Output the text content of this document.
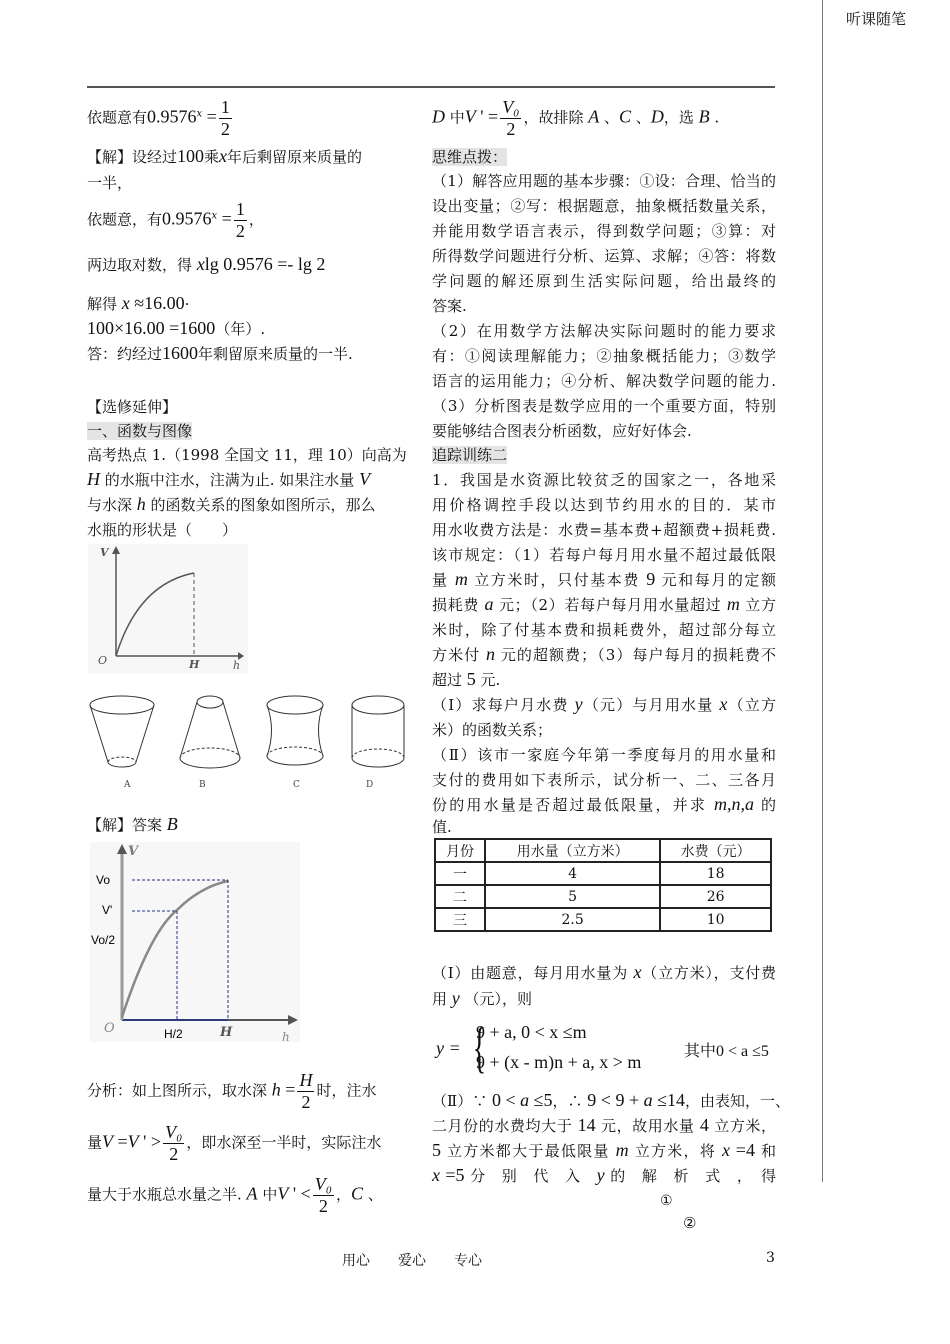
听课随笔
依题意有$0.9576^x = \frac{1}{2}$
【解】设经过100乘x年后剩留原来质量的
一半，
依题意，有$0.9576^x = \frac{1}{2}$ ，
两边取对数，得 xlg 0.9576 =- lg 2
解得 x ≈16.00·
100×16.00 =1600（年）.
答：约经过1600年剩留原来质量的一半.
【选修延伸】
一、函数与图像
高考热点 1.（1998 全国文 11，理 10）向高为
H 的水瓶中注水，注满为止. 如果注水量 V
与水深 h 的函数关系的图象如图所示，那么
水瓶的形状是（　　）
V
O	H	h
A	B	C	D
【解】答案 B
V
Vo
V'
Vo/2
O	H/2	H	h
分析：如上图所示，取水深 $h = \frac{H}{2}$ 时，注水
量V =V ' > $\frac{\text{V₀}}{2}$ ，即水深至一半时，实际注水
量大于水瓶总水量之半. A 中V ' < $\frac{\text{V₀}}{2}$ ，C 、
D 中V ' = $\frac{\text{V₀}}{2}$ ，故排除 A 、C 、D，选 B .
思维点拨：
（1）解答应用题的基本步骤：①设：合理、恰当的
设出变量；②写：根据题意，抽象概括数量关系，
并能用数学语言表示，得到数学问题；③算：对
所得数学问题进行分析、运算、求解；④答：将数
学问题的解还原到生活实际问题，给出最终的
答案.
（2）在用数学方法解决实际问题时的能力要求
有：①阅读理解能力；②抽象概括能力；③数学
语言的运用能力；④分析、解决数学问题的能力.
（3）分析图表是数学应用的一个重要方面，特别
要能够结合图表分析函数，应好好体会.
追踪训练二
1．我国是水资源比较贫乏的国家之一，各地采
用价格调控手段以达到节约用水的目的．某市
用水收费方法是：水费=基本费+超额费+损耗费.
该市规定：（1）若每户每月用水量不超过最低限
量 m 立方米时，只付基本费 9 元和每月的定额
损耗费 a 元；（2）若每户每月用水量超过 m 立方
米时，除了付基本费和损耗费外，超过部分每立
方米付 n 元的超额费；（3）每户每月的损耗费不
超过 5 元.
（Ⅰ）求每户月水费 y（元）与月用水量 x（立方
米）的函数关系；
（Ⅱ）该市一家庭今年第一季度每月的用水量和
支付的费用如下表所示，试分析一、二、三各月
份的用水量是否超过最低限量，并求 m,n,a 的
值.
月份	用水量（立方米）	水费（元）
一	4	18
二	5	26
三	2.5	10
（Ⅰ）由题意，每月用水量为 x（立方米），支付费
用 y （元），则
y = {
9 + a, 0 < x ≤m
9 + (x - m)n + a, x > m
其中0 < a ≤5
（Ⅱ）∵ 0 < a ≤5，∴ 9 < 9 + a ≤14，由表知，一、
二月份的水费均大于 14 元，故用水量 4 立方米，
5 立方米都大于最低限量 m 立方米，将 x =4 和
x =5 分　别　代　入　y 的　解　析　式　，　得
①
②
用心　　爱心　　专心	3
